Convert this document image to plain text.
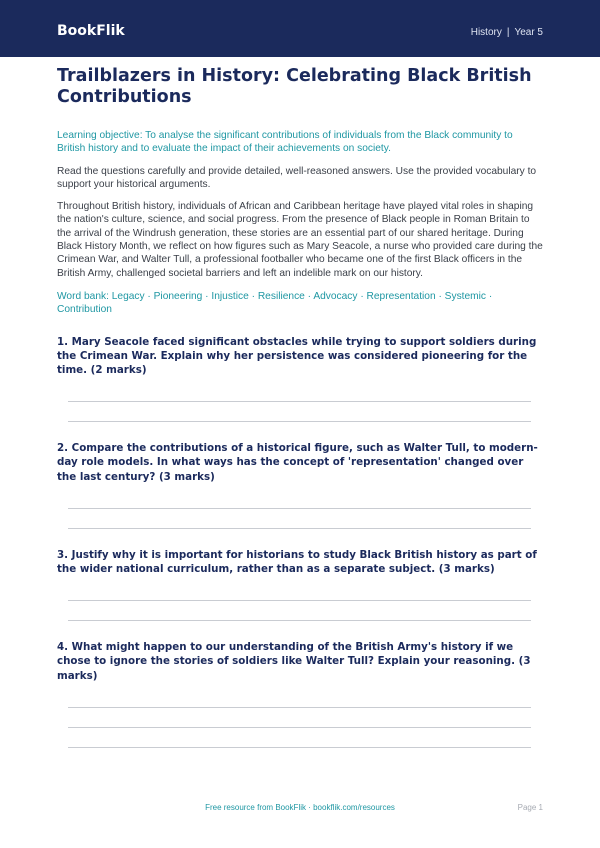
BookFlik	History | Year 5
Trailblazers in History: Celebrating Black British Contributions

Learning objective: To analyse the significant contributions of individuals from the Black community to British history and to evaluate the impact of their achievements on society.

Read the questions carefully and provide detailed, well-reasoned answers. Use the provided vocabulary to support your historical arguments.

Throughout British history, individuals of African and Caribbean heritage have played vital roles in shaping the nation's culture, science, and social progress. From the presence of Black people in Roman Britain to the arrival of the Windrush generation, these stories are an essential part of our shared heritage. During Black History Month, we reflect on how figures such as Mary Seacole, a nurse who provided care during the Crimean War, and Walter Tull, a professional footballer who became one of the first Black officers in the British Army, challenged societal barriers and left an indelible mark on our history.

Word bank: Legacy · Pioneering · Injustice · Resilience · Advocacy · Representation · Systemic · Contribution

1. Mary Seacole faced significant obstacles while trying to support soldiers during the Crimean War. Explain why her persistence was considered pioneering for the time. (2 marks)
2. Compare the contributions of a historical figure, such as Walter Tull, to modern-day role models. In what ways has the concept of 'representation' changed over the last century? (3 marks)
3. Justify why it is important for historians to study Black British history as part of the wider national curriculum, rather than as a separate subject. (3 marks)
4. What might happen to our understanding of the British Army's history if we chose to ignore the stories of soldiers like Walter Tull? Explain your reasoning. (3 marks)
Free resource from BookFlik · bookflik.com/resources	Page 1
